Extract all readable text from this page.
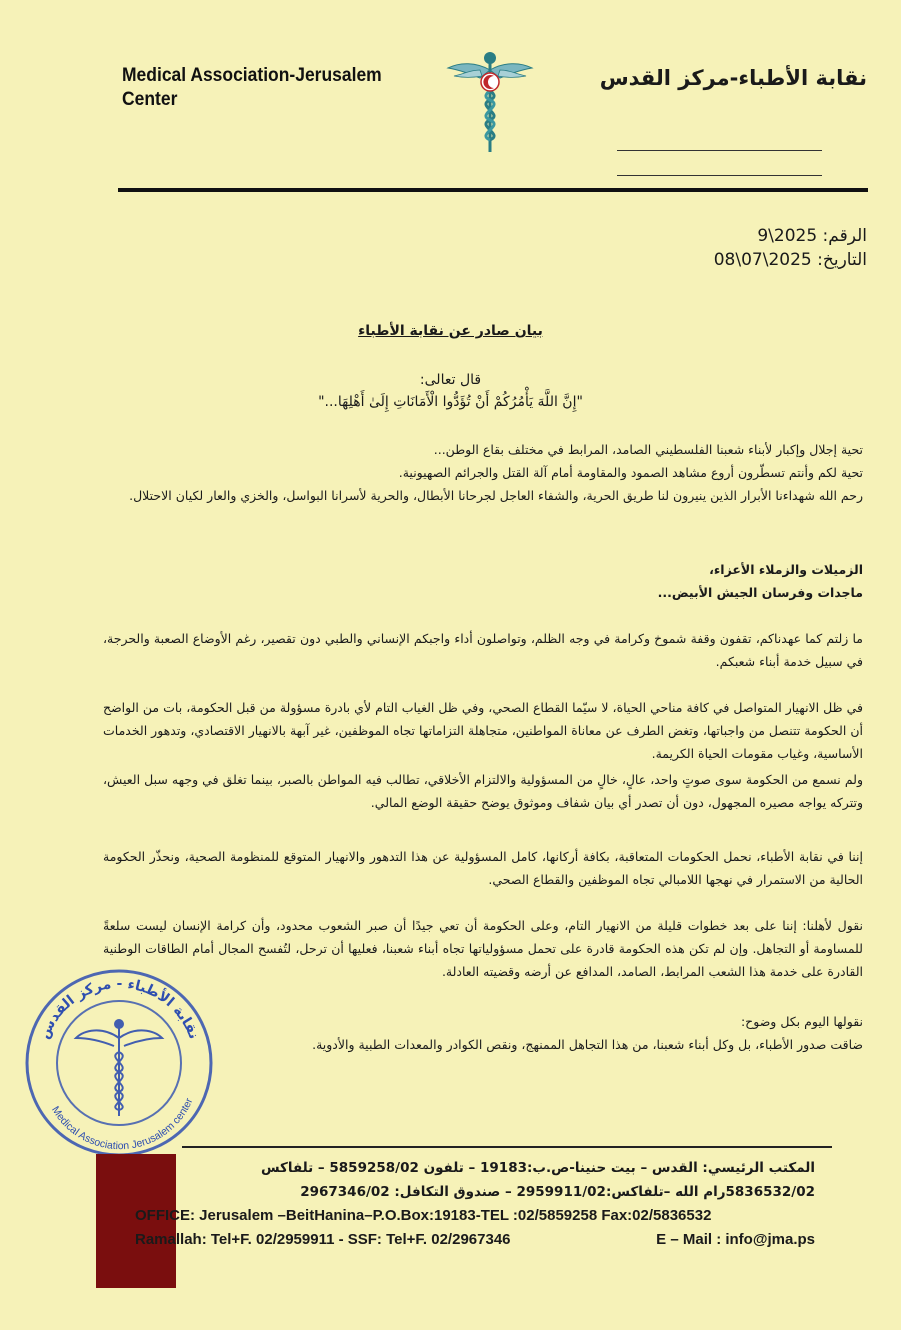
Medical Association-Jerusalem
Center
نقابة الأطباء-مركز القدس
الرقم: 2025\9
التاريخ: 2025\07\08
بيان صادر عن نقابة الأطباء
قال تعالى:
"إِنَّ اللَّهَ يَأْمُرُكُمْ أَنْ تُؤَدُّوا الْأَمَانَاتِ إِلَىٰ أَهْلِهَا..."
تحية إجلال وإكبار لأبناء شعبنا الفلسطيني الصامد، المرابط في مختلف بقاع الوطن...
تحية لكم وأنتم تسطّرون أروع مشاهد الصمود والمقاومة أمام آلة القتل والجرائم الصهيونية.
رحم الله شهداءنا الأبرار الذين ينيرون لنا طريق الحرية، والشفاء العاجل لجرحانا الأبطال، والحرية لأسرانا البواسل، والخزي والعار لكيان الاحتلال.
الزميلات والزملاء الأعزاء،
ماجدات وفرسان الجيش الأبيض...
ما زلتم كما عهدناكم، تقفون وقفة شموخ وكرامة في وجه الظلم، وتواصلون أداء واجبكم الإنساني والطبي دون تقصير، رغم الأوضاع الصعبة والحرجة، في سبيل خدمة أبناء شعبكم.
في ظل الانهيار المتواصل في كافة مناحي الحياة، لا سيّما القطاع الصحي، وفي ظل الغياب التام لأي بادرة مسؤولة من قبل الحكومة، بات من الواضح أن الحكومة تتنصل من واجباتها، وتغض الطرف عن معاناة المواطنين، متجاهلة التزاماتها تجاه الموظفين، غير آبهة بالانهيار الاقتصادي، وتدهور الخدمات الأساسية، وغياب مقومات الحياة الكريمة.
ولم نسمع من الحكومة سوى صوتٍ واحد، عالٍ، خالٍ من المسؤولية والالتزام الأخلاقي، تطالب فيه المواطن بالصبر، بينما تغلق في وجهه سبل العيش، وتتركه يواجه مصيره المجهول، دون أن تصدر أي بيان شفاف وموثوق يوضح حقيقة الوضع المالي.
إننا في نقابة الأطباء، نحمل الحكومات المتعاقبة، بكافة أركانها، كامل المسؤولية عن هذا التدهور والانهيار المتوقع للمنظومة الصحية، ونحذّر الحكومة الحالية من الاستمرار في نهجها اللامبالي تجاه الموظفين والقطاع الصحي.
نقول لأهلنا: إننا على بعد خطوات قليلة من الانهيار التام، وعلى الحكومة أن تعي جيدًا أن صبر الشعوب محدود، وأن كرامة الإنسان ليست سلعةً للمساومة أو التجاهل. وإن لم تكن هذه الحكومة قادرة على تحمل مسؤولياتها تجاه أبناء شعبنا، فعليها أن ترحل، لتُفسح المجال أمام الطاقات الوطنية القادرة على خدمة هذا الشعب المرابط، الصامد، المدافع عن أرضه وقضيته العادلة.
نقولها اليوم بكل وضوح:
ضاقت صدور الأطباء، بل وكل أبناء شعبنا، من هذا التجاهل الممنهج، ونقص الكوادر والمعدات الطبية والأدوية.
نقابة الأطباء - مركز القدس
Medical Association Jerusalem center
المكتب الرئيسي: القدس – بيت حنينا-ص.ب:19183 – تلفون 5859258/02 – تلفاكس
5836532/02رام الله –تلفاكس:2959911/02 – صندوق التكافل: 2967346/02
OFFICE: Jerusalem –BeitHanina–P.O.Box:19183-TEL :02/5859258 Fax:02/5836532
Ramallah: Tel+F. 02/2959911 - SSF: Tel+F. 02/2967346	E – Mail : info@jma.ps
